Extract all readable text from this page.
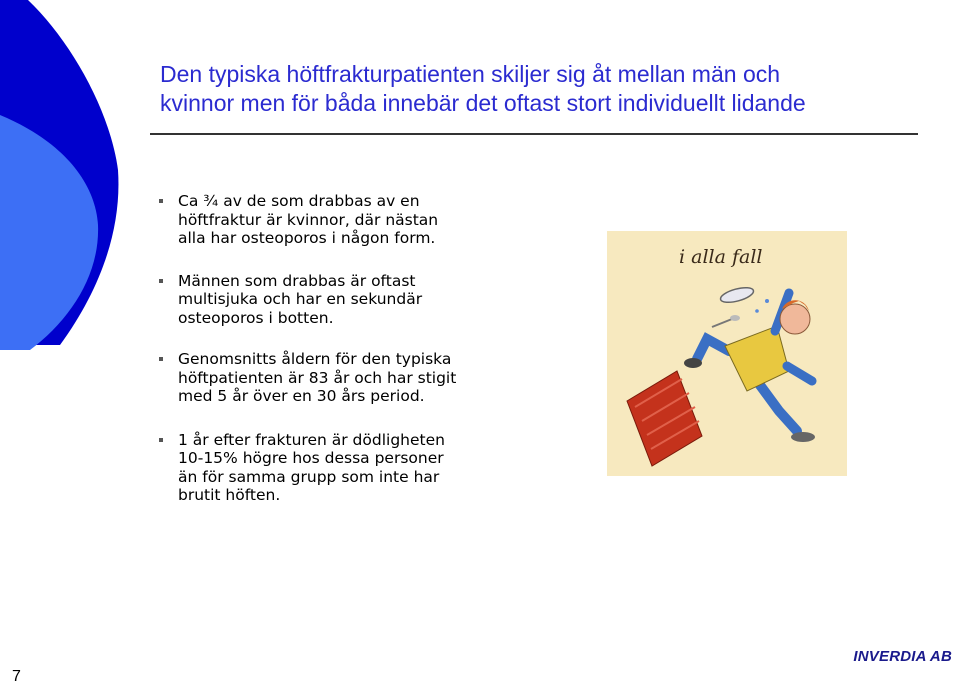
Den typiska höftfrakturpatienten skiljer sig åt mellan män och
kvinnor men för båda innebär det oftast stort individuellt lidande
Ca ¾ av de som drabbas av en
höftfraktur är kvinnor, där nästan
alla har osteoporos i någon form.
Männen som drabbas är oftast
multisjuka och har en sekundär
osteoporos i botten.
Genomsnitts åldern för den typiska
höftpatienten är 83 år och har stigit
med 5 år över en 30 års period.
1 år efter frakturen är dödligheten
10-15% högre hos dessa personer
än för samma grupp som inte har
brutit höften.
i alla fall
INVERDIA AB
7
